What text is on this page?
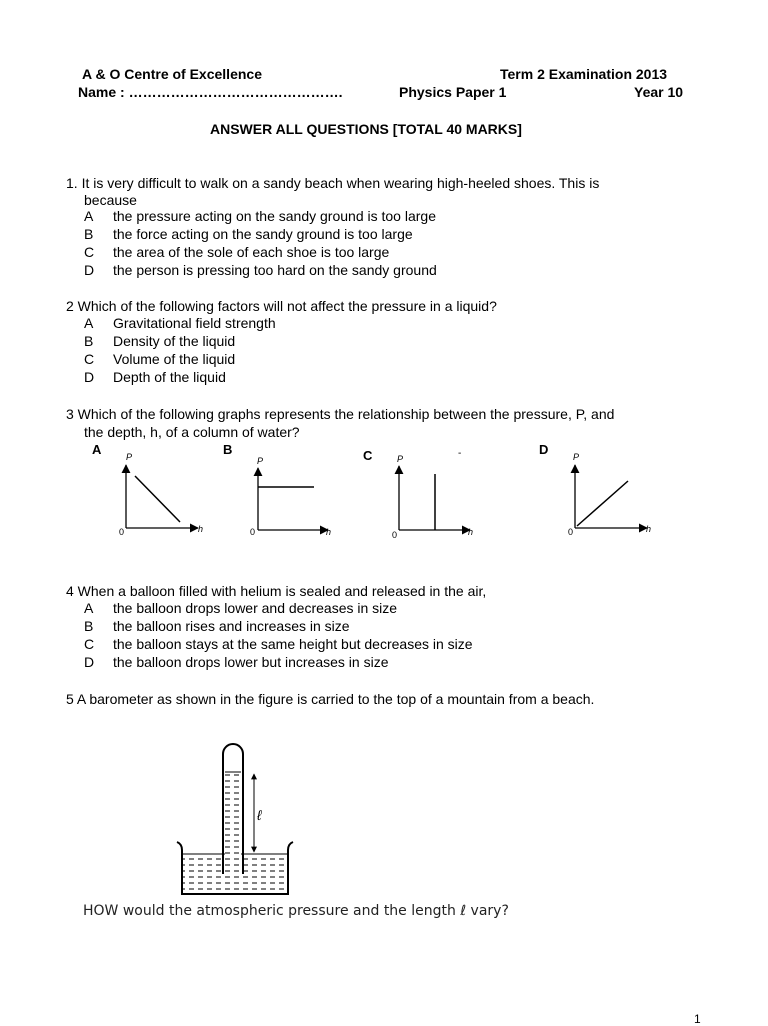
A & O Centre of Excellence	Term 2 Examination 2013
Name : ……………………………………….	Physics Paper 1	Year 10
ANSWER ALL QUESTIONS [TOTAL 40 MARKS]
1. It is very difficult to walk on a sandy beach when wearing high-heeled shoes. This is
because
A the pressure acting on the sandy ground is too large
B the force acting on the sandy ground is too large
C the area of the sole of each shoe is too large
D the person is pressing too hard on the sandy ground
2 Which of the following factors will not affect the pressure in a liquid?
A Gravitational field strength
B Density of the liquid
C Volume of the liquid
D Depth of the liquid
3 Which of the following graphs represents the relationship between the pressure, P, and
the depth, h, of a column of water?
A	P
0	h
B
P
0	h
C	P
0	h
-	D	P
0	h
4 When a balloon filled with helium is sealed and released in the air,
A the balloon drops lower and decreases in size
B the balloon rises and increases in size
C the balloon stays at the same height but decreases in size
D the balloon drops lower but increases in size
5 A barometer as shown in the figure is carried to the top of a mountain from a beach.
ℓ
HOW would the atmospheric pressure and the length ℓ vary?
1
